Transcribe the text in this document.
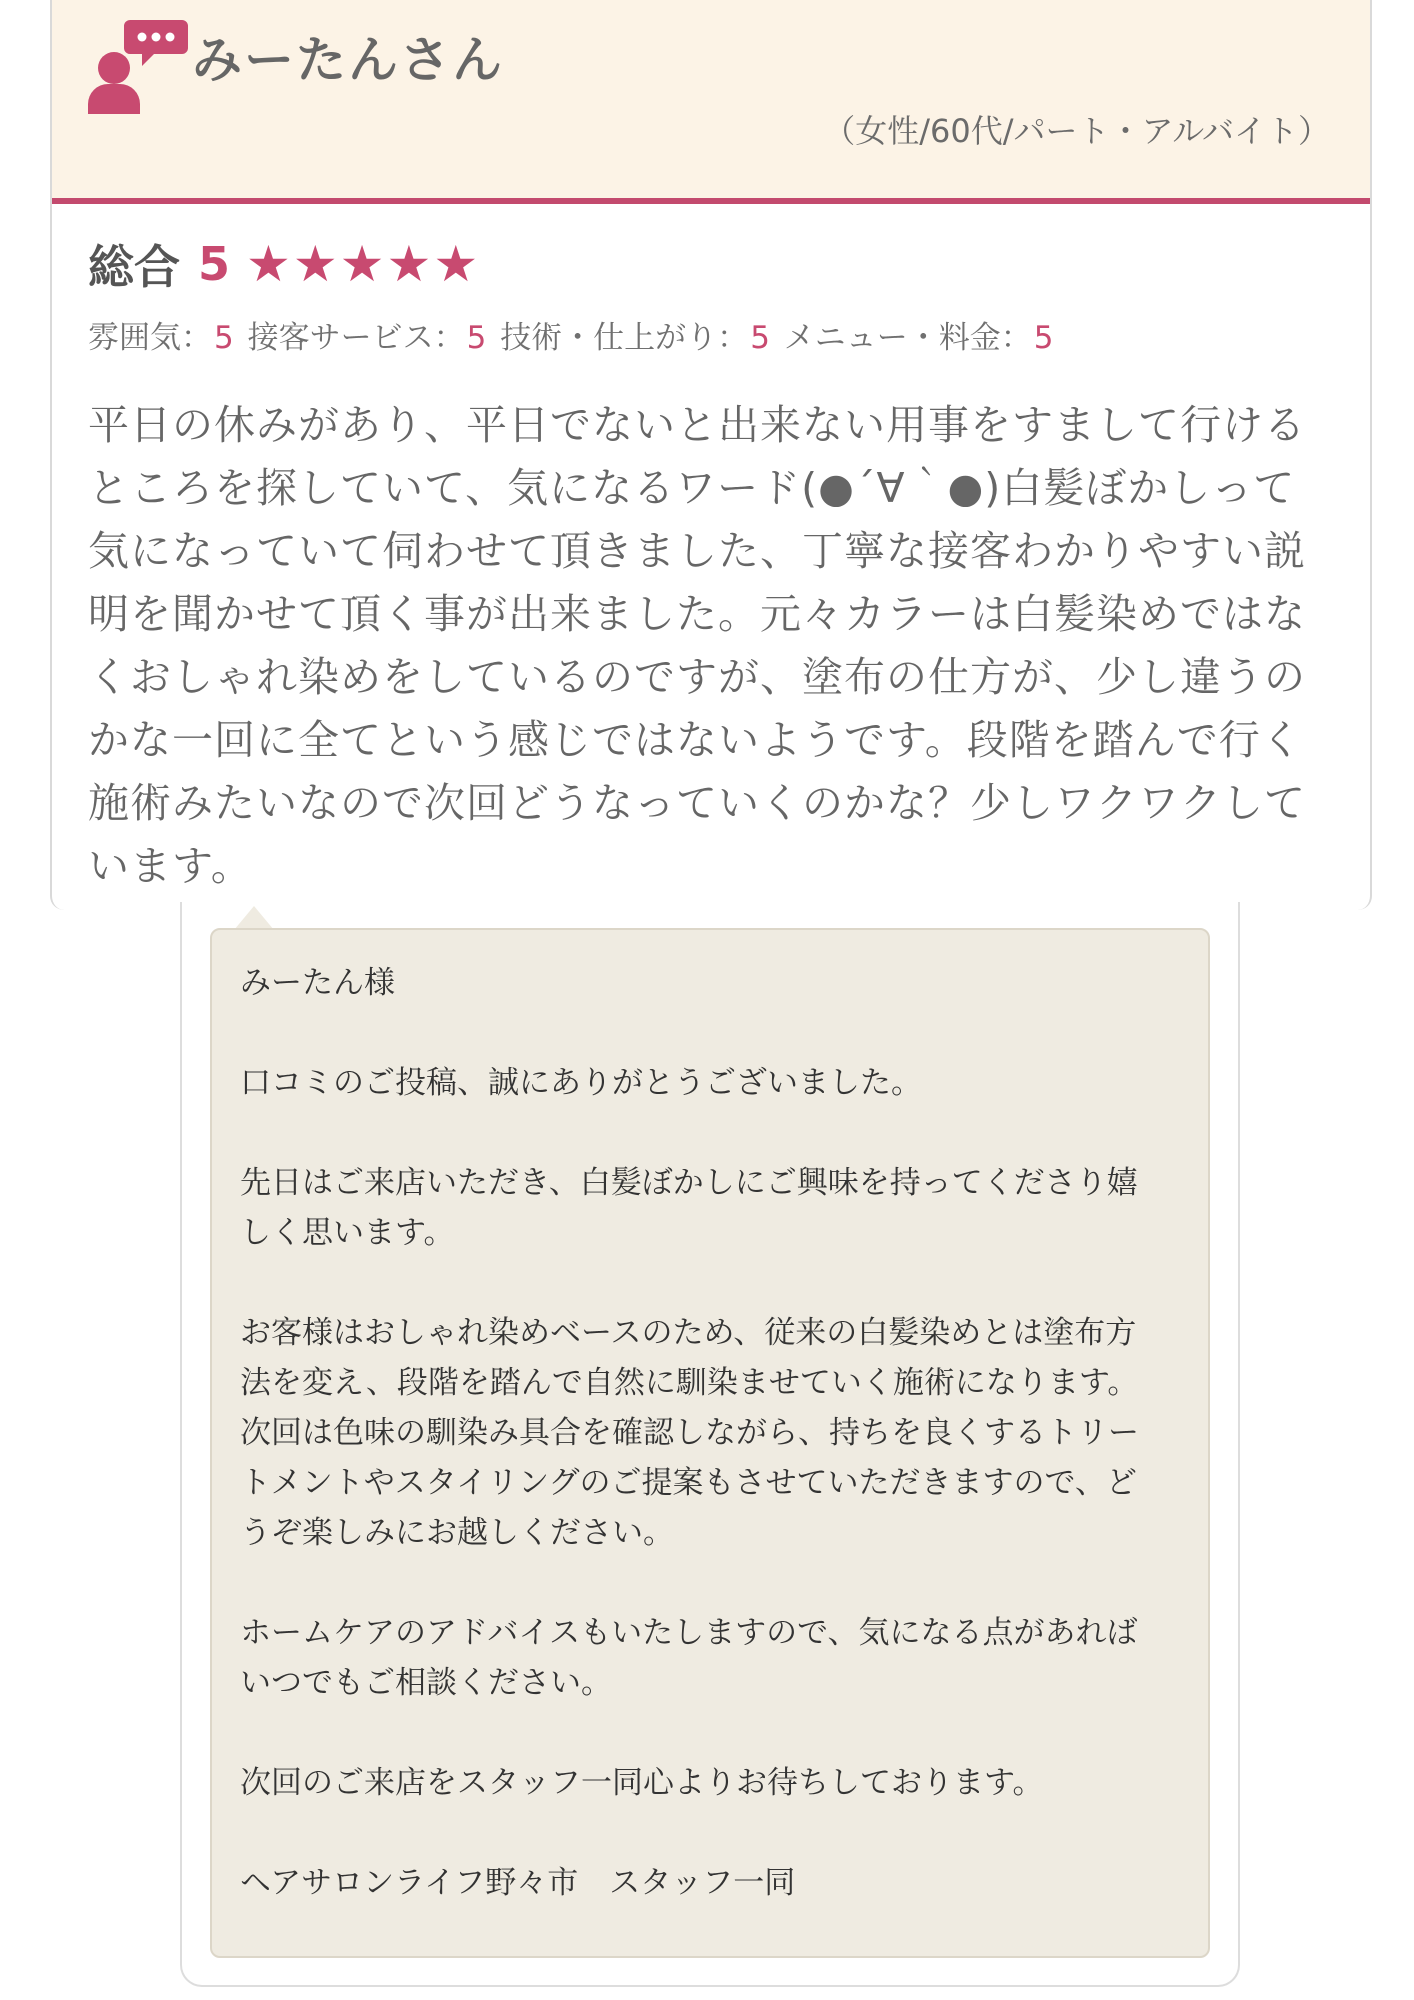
みーたんさん
（女性/60代/パート・アルバイト）
総合 5 ★★★★★
雰囲気：5 接客サービス：5 技術・仕上がり：5 メニュー・料金：5
平日の休みがあり、平日でないと出来ない用事をすまして行けるところを探していて、気になるワード(●´∀｀●)白髪ぼかしって気になっていて伺わせて頂きました、丁寧な接客わかりやすい説明を聞かせて頂く事が出来ました。元々カラーは白髪染めではなくおしゃれ染めをしているのですが、塗布の仕方が、少し違うのかな一回に全てという感じではないようです。段階を踏んで行く施術みたいなので次回どうなっていくのかな？少しワクワクしています。

みーたん様

口コミのご投稿、誠にありがとうございました。

先日はご来店いただき、白髪ぼかしにご興味を持ってくださり嬉しく思います。

お客様はおしゃれ染めベースのため、従来の白髪染めとは塗布方法を変え、段階を踏んで自然に馴染ませていく施術になります。次回は色味の馴染み具合を確認しながら、持ちを良くするトリートメントやスタイリングのご提案もさせていただきますので、どうぞ楽しみにお越しください。

ホームケアのアドバイスもいたしますので、気になる点があればいつでもご相談ください。

次回のご来店をスタッフ一同心よりお待ちしております。

ヘアサロンライフ野々市　スタッフ一同
